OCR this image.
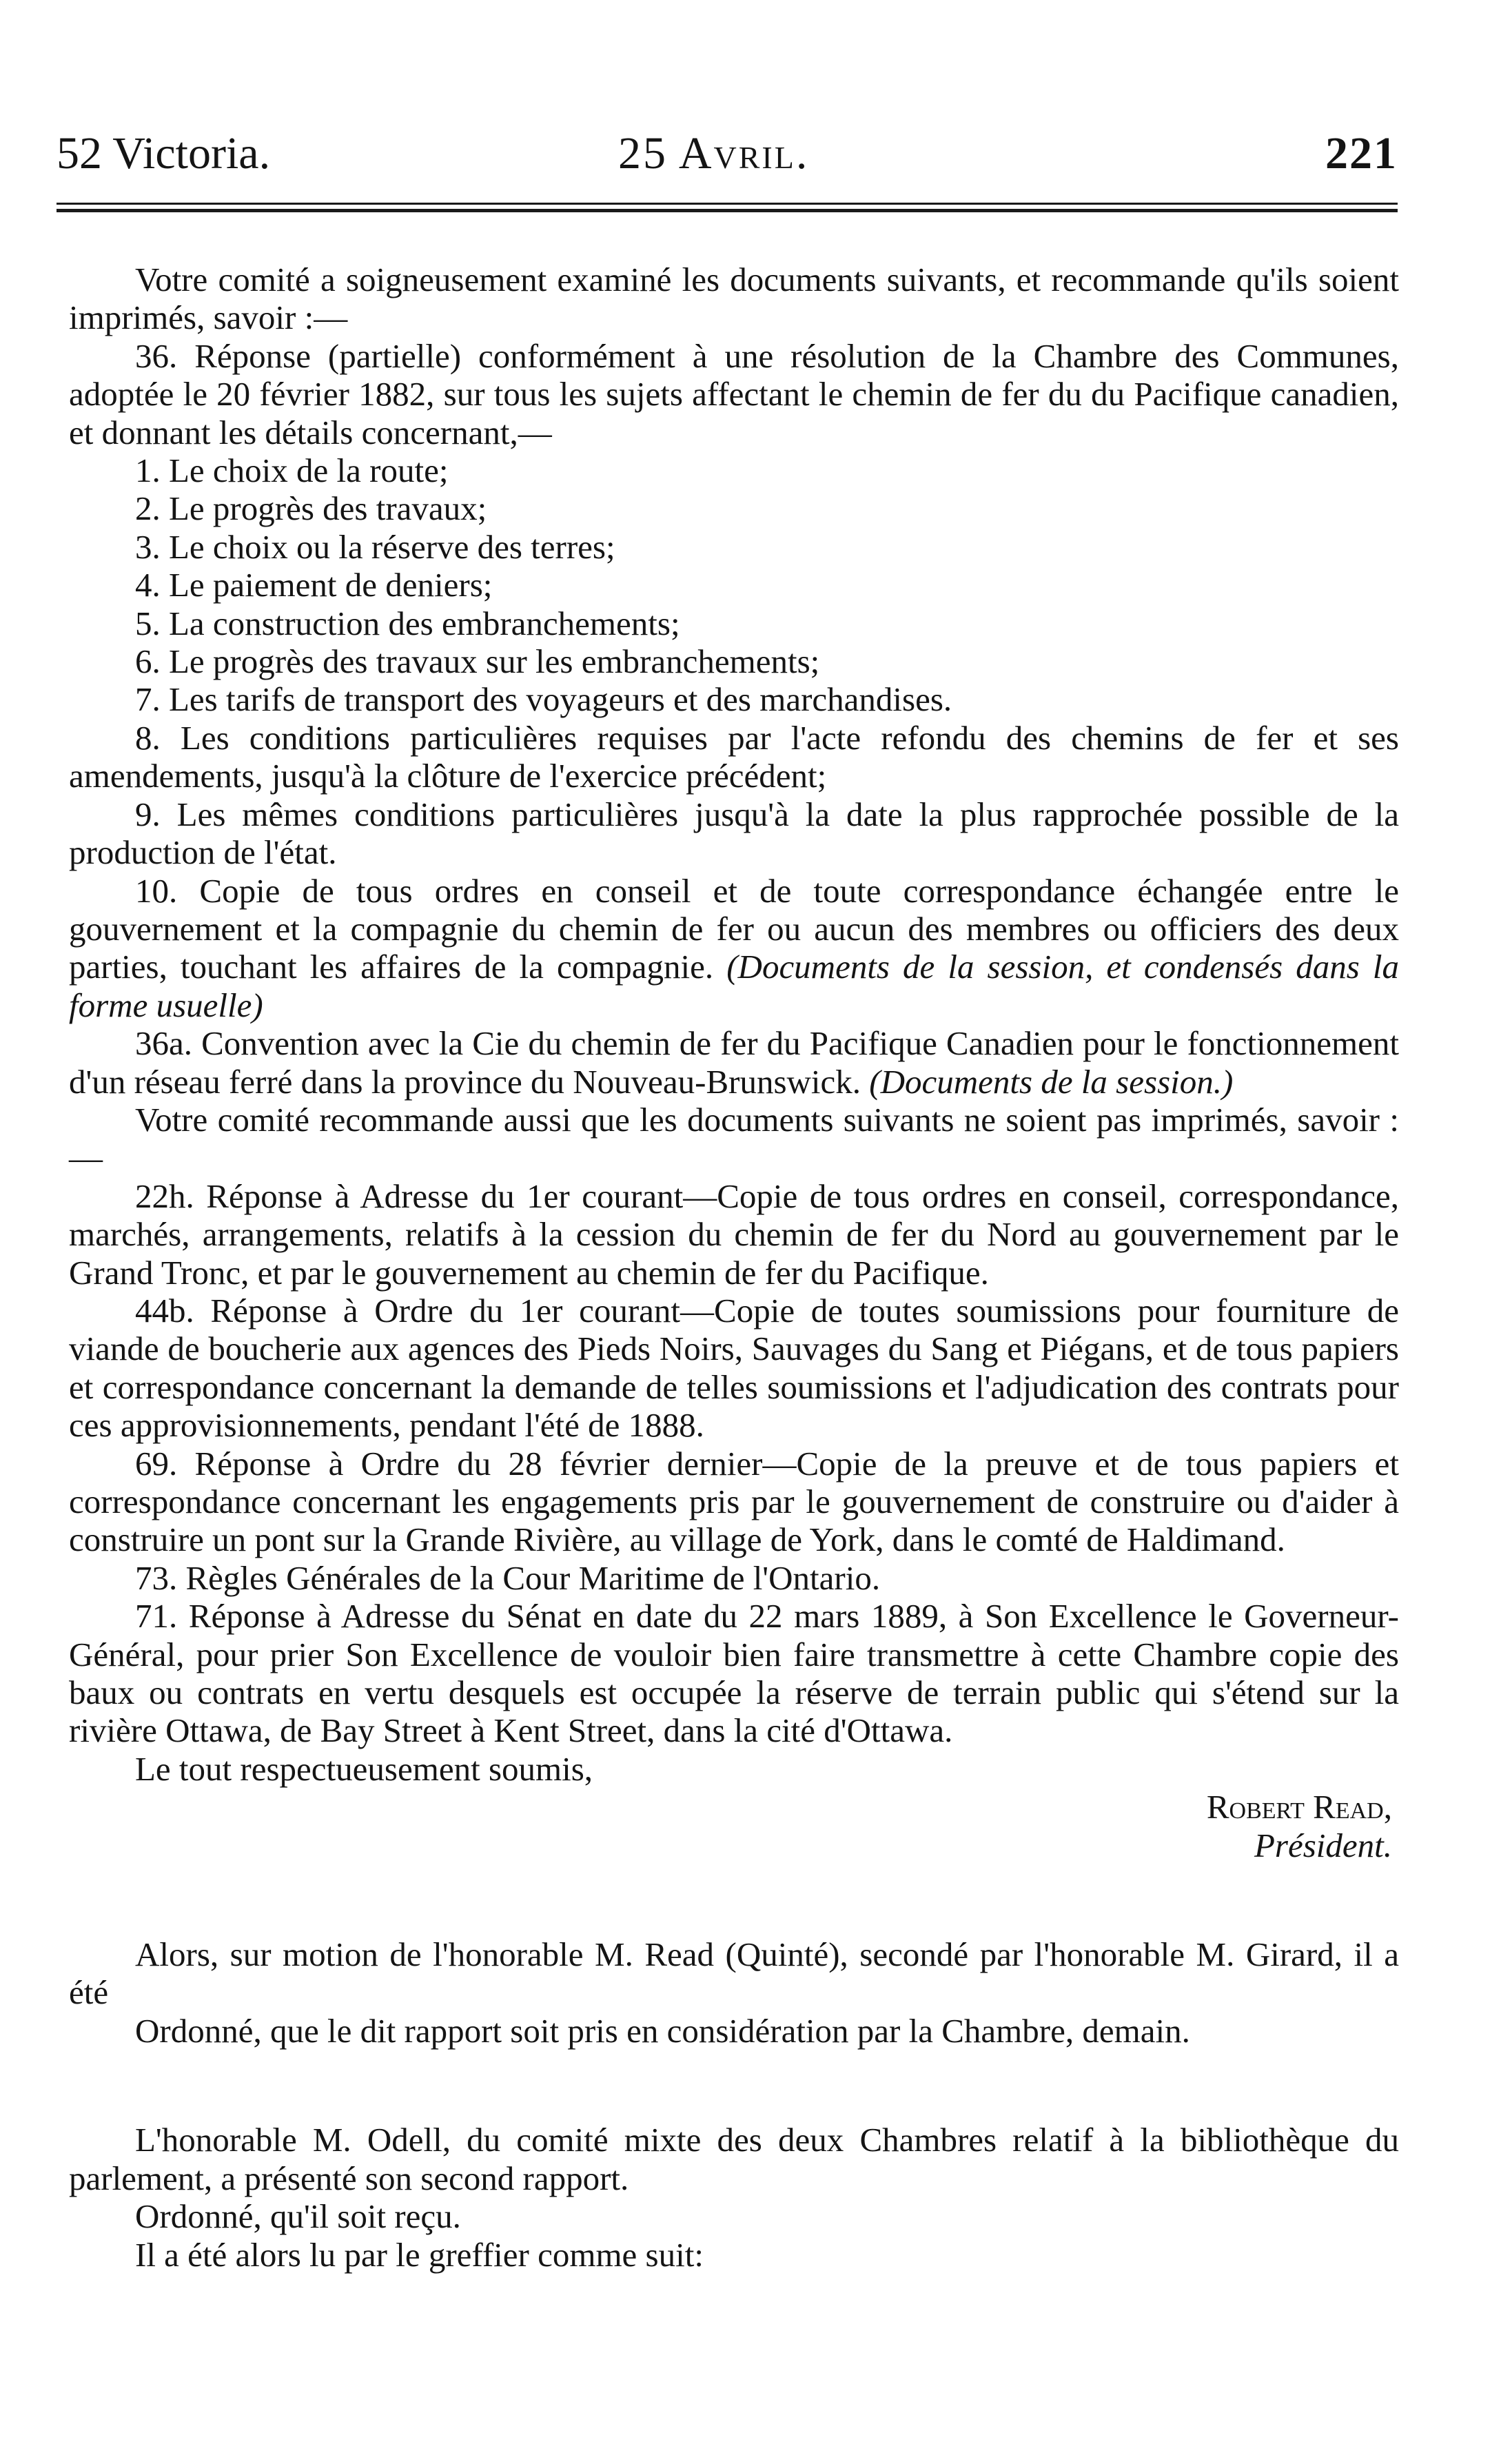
52 Victoria.	25 Avril.	221

Votre comité a soigneusement examiné les documents suivants, et recommande qu'ils soient imprimés, savoir :—

36. Réponse (partielle) conformément à une résolution de la Chambre des Communes, adoptée le 20 février 1882, sur tous les sujets affectant le chemin de fer du du Pacifique canadien, et donnant les détails concernant,—

1. Le choix de la route;

2. Le progrès des travaux;

3. Le choix ou la réserve des terres;

4. Le paiement de deniers;

5. La construction des embranchements;

6. Le progrès des travaux sur les embranchements;

7. Les tarifs de transport des voyageurs et des marchandises.

8. Les conditions particulières requises par l'acte refondu des chemins de fer et ses amendements, jusqu'à la clôture de l'exercice précédent;

9. Les mêmes conditions particulières jusqu'à la date la plus rapprochée possible de la production de l'état.

10. Copie de tous ordres en conseil et de toute correspondance échangée entre le gouvernement et la compagnie du chemin de fer ou aucun des membres ou officiers des deux parties, touchant les affaires de la compagnie. (Documents de la session, et condensés dans la forme usuelle)

36a. Convention avec la Cie du chemin de fer du Pacifique Canadien pour le fonctionnement d'un réseau ferré dans la province du Nouveau-Brunswick. (Documents de la session.)

Votre comité recommande aussi que les documents suivants ne soient pas imprimés, savoir :—

22h. Réponse à Adresse du 1er courant—Copie de tous ordres en conseil, correspondance, marchés, arrangements, relatifs à la cession du chemin de fer du Nord au gouvernement par le Grand Tronc, et par le gouvernement au chemin de fer du Pacifique.

44b. Réponse à Ordre du 1er courant—Copie de toutes soumissions pour fourniture de viande de boucherie aux agences des Pieds Noirs, Sauvages du Sang et Piégans, et de tous papiers et correspondance concernant la demande de telles soumissions et l'adjudication des contrats pour ces approvisionnements, pendant l'été de 1888.

69. Réponse à Ordre du 28 février dernier—Copie de la preuve et de tous papiers et correspondance concernant les engagements pris par le gouvernement de construire ou d'aider à construire un pont sur la Grande Rivière, au village de York, dans le comté de Haldimand.

73. Règles Générales de la Cour Maritime de l'Ontario.

71. Réponse à Adresse du Sénat en date du 22 mars 1889, à Son Excellence le Governeur-Général, pour prier Son Excellence de vouloir bien faire transmettre à cette Chambre copie des baux ou contrats en vertu desquels est occupée la réserve de terrain public qui s'étend sur la rivière Ottawa, de Bay Street à Kent Street, dans la cité d'Ottawa.

Le tout respectueusement soumis,

Robert Read,

Président.

Alors, sur motion de l'honorable M. Read (Quinté), secondé par l'honorable M. Girard, il a été

Ordonné, que le dit rapport soit pris en considération par la Chambre, demain.

L'honorable M. Odell, du comité mixte des deux Chambres relatif à la bibliothèque du parlement, a présenté son second rapport.

Ordonné, qu'il soit reçu.

Il a été alors lu par le greffier comme suit:
